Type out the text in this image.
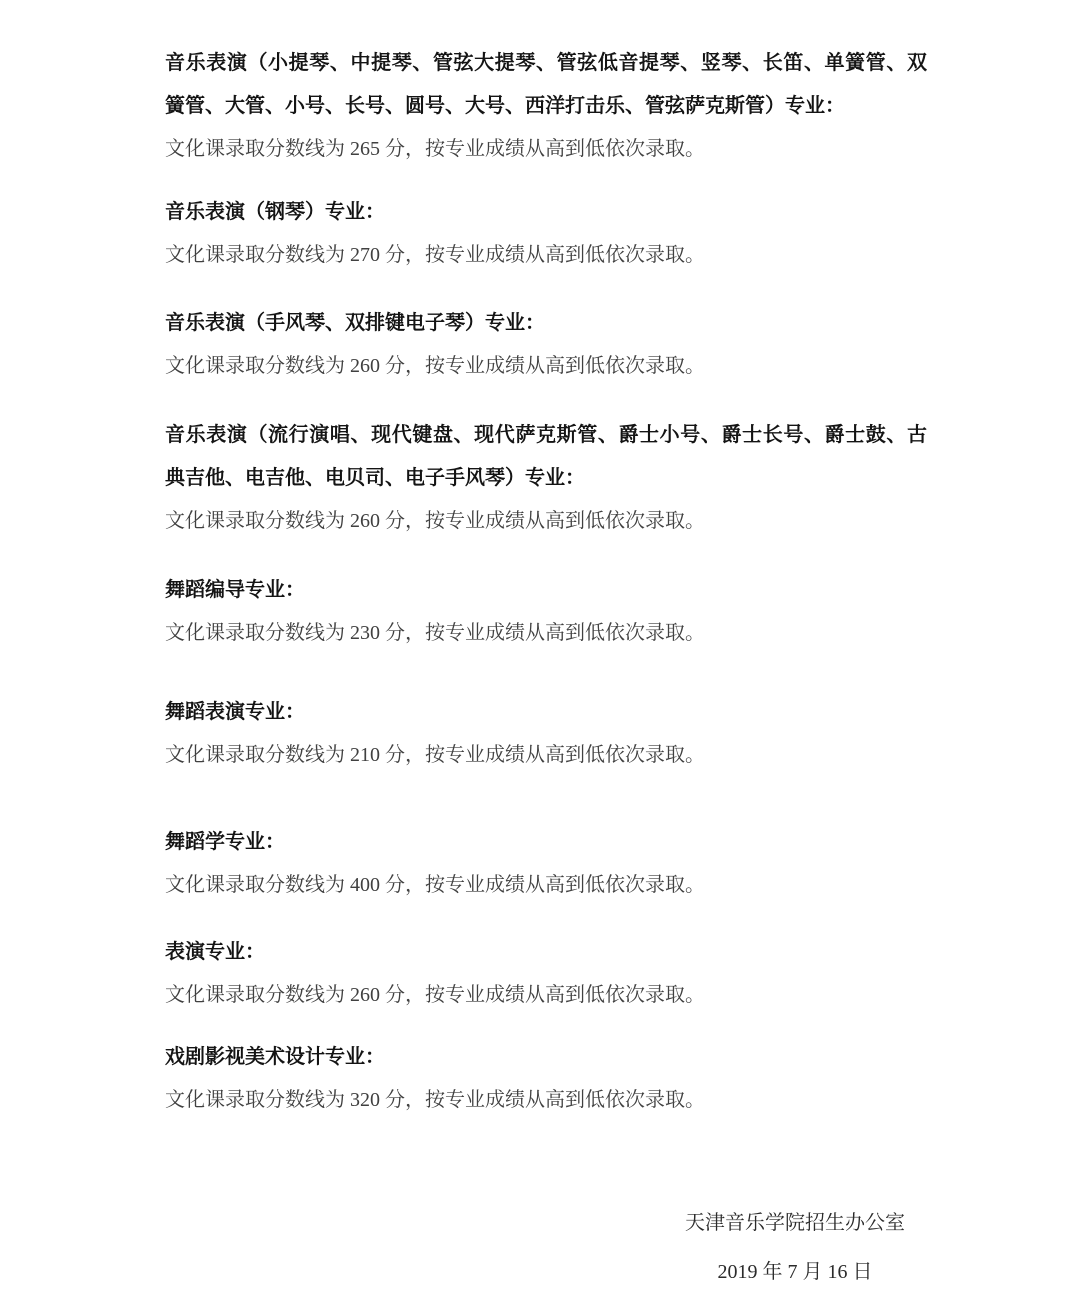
音乐表演（小提琴、中提琴、管弦大提琴、管弦低音提琴、竖琴、长笛、单簧管、双
簧管、大管、小号、长号、圆号、大号、西洋打击乐、管弦萨克斯管）专业：
文化课录取分数线为 265 分，按专业成绩从高到低依次录取。
音乐表演（钢琴）专业：
文化课录取分数线为 270 分，按专业成绩从高到低依次录取。
音乐表演（手风琴、双排键电子琴）专业：
文化课录取分数线为 260 分，按专业成绩从高到低依次录取。
音乐表演（流行演唱、现代键盘、现代萨克斯管、爵士小号、爵士长号、爵士鼓、古
典吉他、电吉他、电贝司、电子手风琴）专业：
文化课录取分数线为 260 分，按专业成绩从高到低依次录取。
舞蹈编导专业：
文化课录取分数线为 230 分，按专业成绩从高到低依次录取。
舞蹈表演专业：
文化课录取分数线为 210 分，按专业成绩从高到低依次录取。
舞蹈学专业：
文化课录取分数线为 400 分，按专业成绩从高到低依次录取。
表演专业：
文化课录取分数线为 260 分，按专业成绩从高到低依次录取。
戏剧影视美术设计专业：
文化课录取分数线为 320 分，按专业成绩从高到低依次录取。
天津音乐学院招生办公室
2019 年 7 月 16 日
